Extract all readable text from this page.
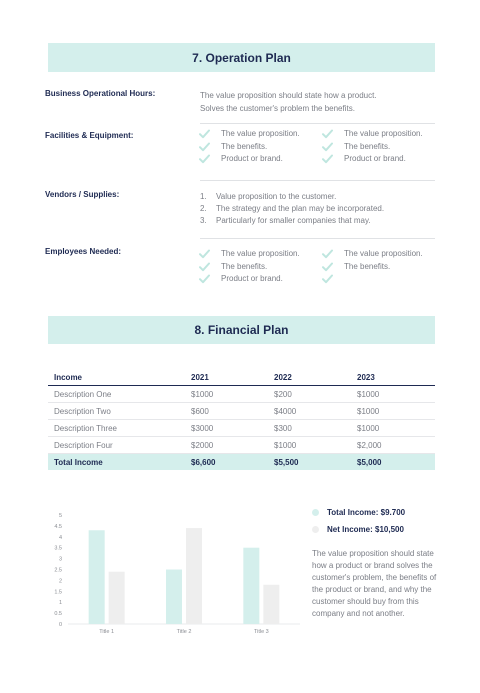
7. Operation Plan
Business Operational Hours:	The value proposition should state how a product.
Solves the customer's problem the benefits.
Facilities & Equipment:	The value proposition.
The benefits.
Product or brand.
The value proposition.
The benefits.
Product or brand.
Vendors / Supplies:	1. Value proposition to the customer.
2. The strategy and the plan may be incorporated.
3. Particularly for smaller companies that may.
Employees Needed:	The value proposition.
The benefits.
Product or brand.
The value proposition.
The benefits.
8. Financial Plan
Income	2021	2022	2023
Description One	$1000	$200	$1000
Description Two	$600	$4000	$1000
Description Three	$3000	$300	$1000
Description Four	$2000	$1000	$2,000
Total Income	$6,600	$5,500	$5,000
0
0.5
1
1.5
2
2.5
3
3.5
4
4.5
5
Title 1	Title 2	Title 3
Total Income: $9.700
Net Income: $10,500
The value proposition should state how a product or brand solves the customer's problem, the benefits of the product or brand, and why the customer should buy from this company and not another.
